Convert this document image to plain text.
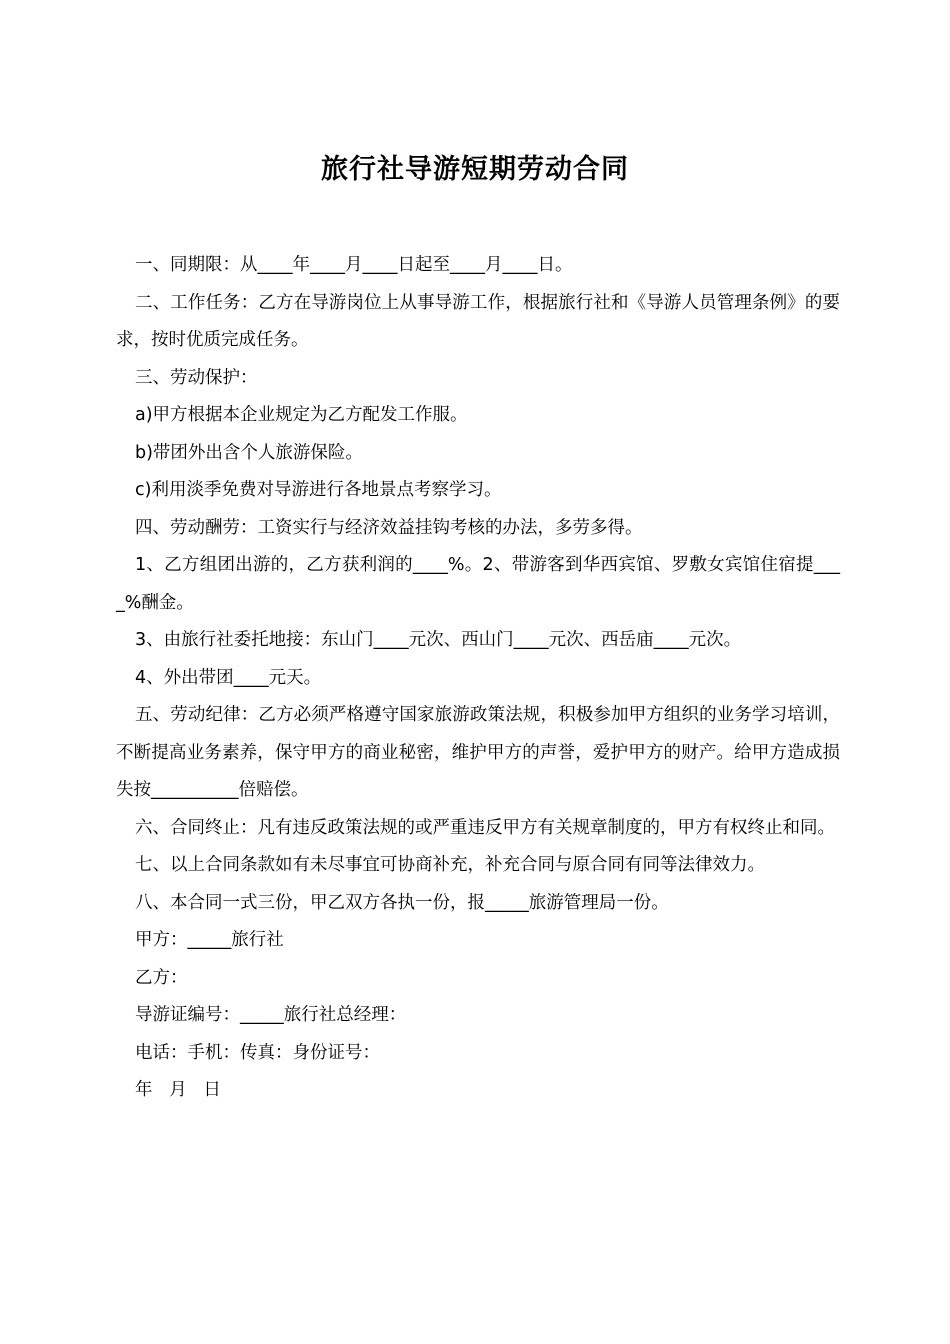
旅行社导游短期劳动合同

一、同期限：从____年____月____日起至____月____日。

二、工作任务：乙方在导游岗位上从事导游工作，根据旅行社和《导游人员管理条例》的要求，按时优质完成任务。

三、劳动保护：

a)甲方根据本企业规定为乙方配发工作服。

b)带团外出含个人旅游保险。

c)利用淡季免费对导游进行各地景点考察学习。

四、劳动酬劳：工资实行与经济效益挂钩考核的办法，多劳多得。

1、乙方组团出游的，乙方获利润的____%。2、带游客到华西宾馆、罗敷女宾馆住宿提____%酬金。

3、由旅行社委托地接：东山门____元次、西山门____元次、西岳庙____元次。

4、外出带团____元天。

五、劳动纪律：乙方必须严格遵守国家旅游政策法规，积极参加甲方组织的业务学习培训，不断提高业务素养，保守甲方的商业秘密，维护甲方的声誉，爱护甲方的财产。给甲方造成损失按__________倍赔偿。

六、合同终止：凡有违反政策法规的或严重违反甲方有关规章制度的，甲方有权终止和同。

七、以上合同条款如有未尽事宜可协商补充，补充合同与原合同有同等法律效力。

八、本合同一式三份，甲乙双方各执一份，报_____旅游管理局一份。

甲方：_____旅行社

乙方：

导游证编号：_____旅行社总经理：

电话：手机：传真：身份证号：

年   月   日
